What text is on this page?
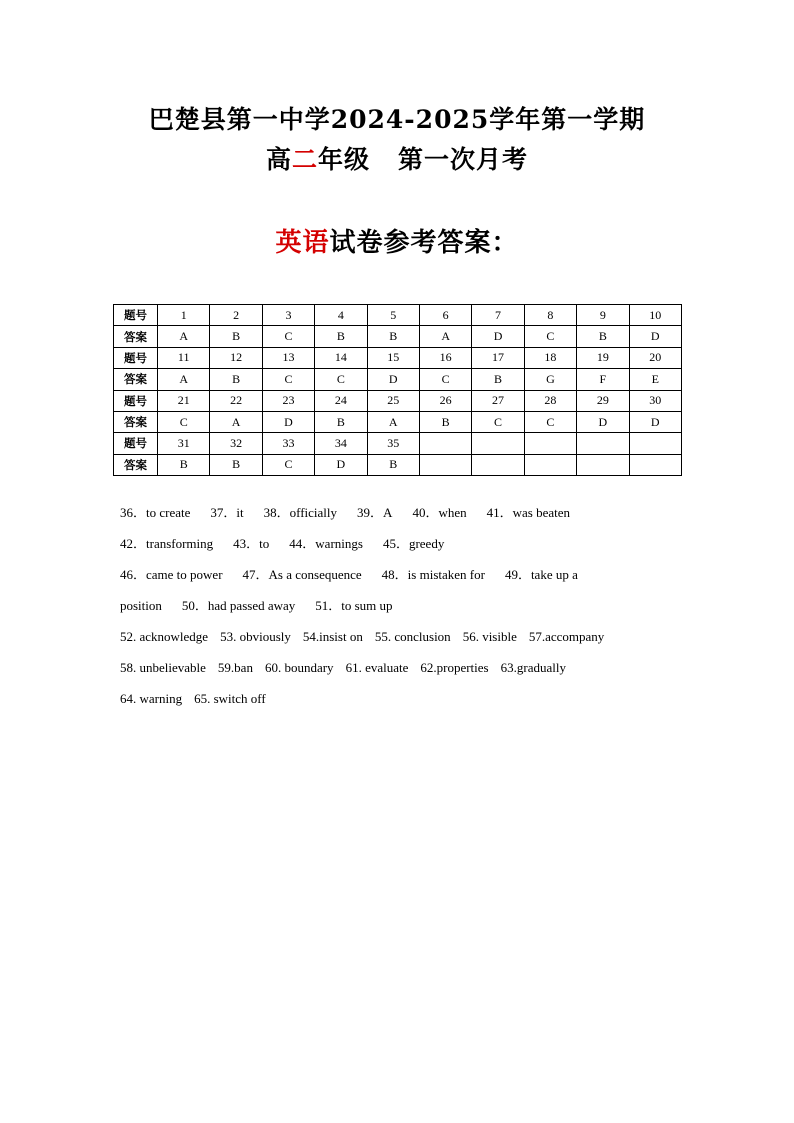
巴楚县第一中学2024-2025学年第一学期
高二年级 第一次月考
英语试卷参考答案：
题号	1	2	3	4	5	6	7	8	9	10
答案	A	B	C	B	B	A	D	C	B	D
题号	11	12	13	14	15	16	17	18	19	20
答案	A	B	C	C	D	C	B	G	F	E
题号	21	22	23	24	25	26	27	28	29	30
答案	C	A	D	B	A	B	C	C	D	D
题号	31	32	33	34	35					
答案	B	B	C	D	B					
36．to create 37．it 38．officially 39．A 40．when 41．was beaten
42．transforming 43．to 44．warnings 45．greedy
46．came to power 47．As a consequence 48．is mistaken for 49．take up a
position 50．had passed away 51．to sum up
52. acknowledge 53. obviously 54.insist on 55. conclusion 56. visible 57.accompany
58. unbelievable 59.ban 60. boundary 61. evaluate 62.properties 63.gradually
64. warning 65. switch off
